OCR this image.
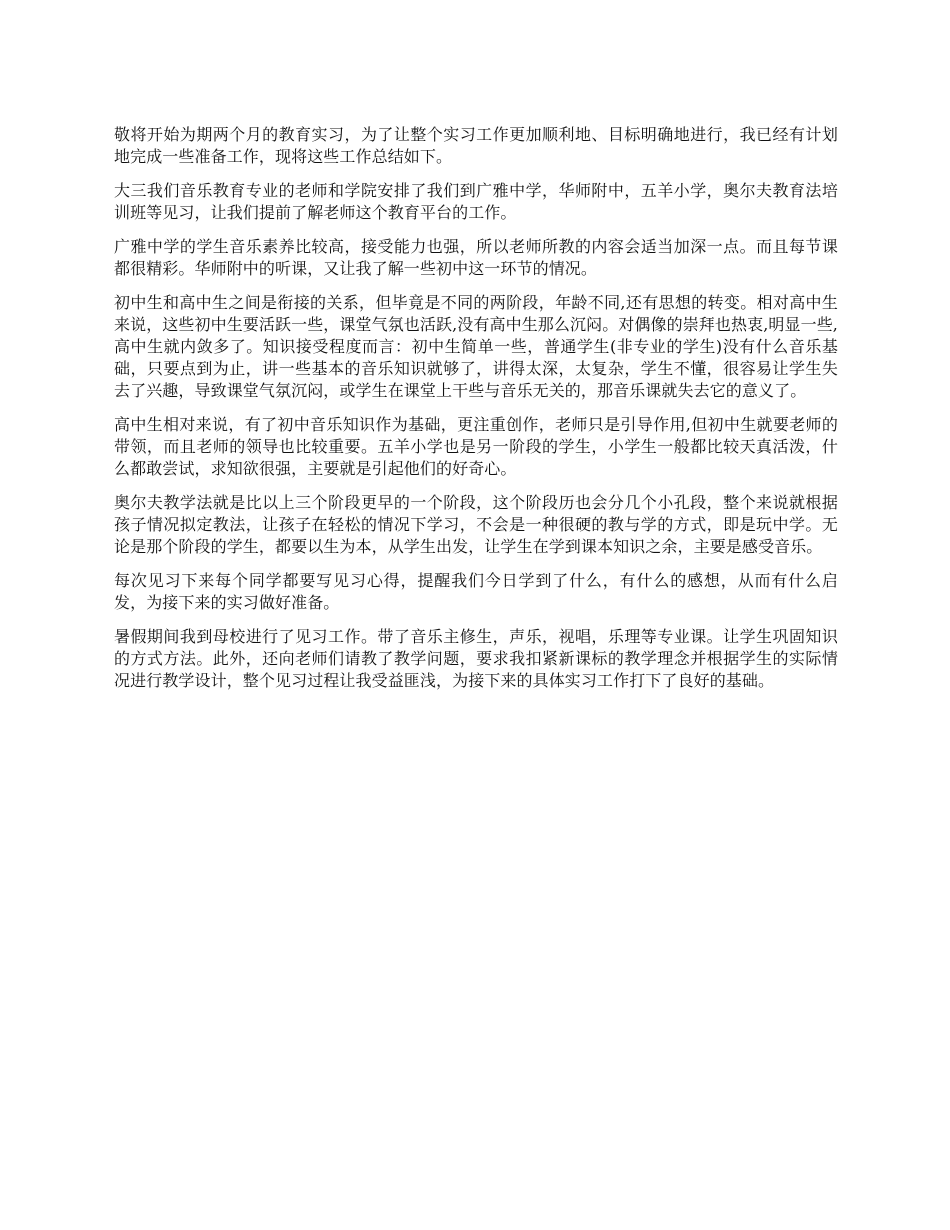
敬将开始为期两个月的教育实习，为了让整个实习工作更加顺利地、目标明确地进行，我已经有计划地完成一些准备工作，现将这些工作总结如下。

大三我们音乐教育专业的老师和学院安排了我们到广雅中学，华师附中，五羊小学，奥尔夫教育法培训班等见习，让我们提前了解老师这个教育平台的工作。

广雅中学的学生音乐素养比较高，接受能力也强，所以老师所教的内容会适当加深一点。而且每节课都很精彩。华师附中的听课，又让我了解一些初中这一环节的情况。

初中生和高中生之间是衔接的关系，但毕竟是不同的两阶段，年龄不同,还有思想的转变。相对高中生来说，这些初中生要活跃一些，课堂气氛也活跃,没有高中生那么沉闷。对偶像的崇拜也热衷,明显一些,高中生就内敛多了。知识接受程度而言：初中生简单一些，普通学生(非专业的学生)没有什么音乐基础，只要点到为止，讲一些基本的音乐知识就够了，讲得太深，太复杂，学生不懂，很容易让学生失去了兴趣，导致课堂气氛沉闷，或学生在课堂上干些与音乐无关的，那音乐课就失去它的意义了。

高中生相对来说，有了初中音乐知识作为基础，更注重创作，老师只是引导作用,但初中生就要老师的带领，而且老师的领导也比较重要。五羊小学也是另一阶段的学生，小学生一般都比较天真活泼，什么都敢尝试，求知欲很强，主要就是引起他们的好奇心。

奥尔夫教学法就是比以上三个阶段更早的一个阶段，这个阶段历也会分几个小孔段，整个来说就根据孩子情况拟定教法，让孩子在轻松的情况下学习，不会是一种很硬的教与学的方式，即是玩中学。无论是那个阶段的学生，都要以生为本，从学生出发，让学生在学到课本知识之余，主要是感受音乐。

每次见习下来每个同学都要写见习心得，提醒我们今日学到了什么，有什么的感想，从而有什么启发，为接下来的实习做好准备。

暑假期间我到母校进行了见习工作。带了音乐主修生，声乐，视唱，乐理等专业课。让学生巩固知识的方式方法。此外，还向老师们请教了教学问题，要求我扣紧新课标的教学理念并根据学生的实际情况进行教学设计，整个见习过程让我受益匪浅，为接下来的具体实习工作打下了良好的基础。
